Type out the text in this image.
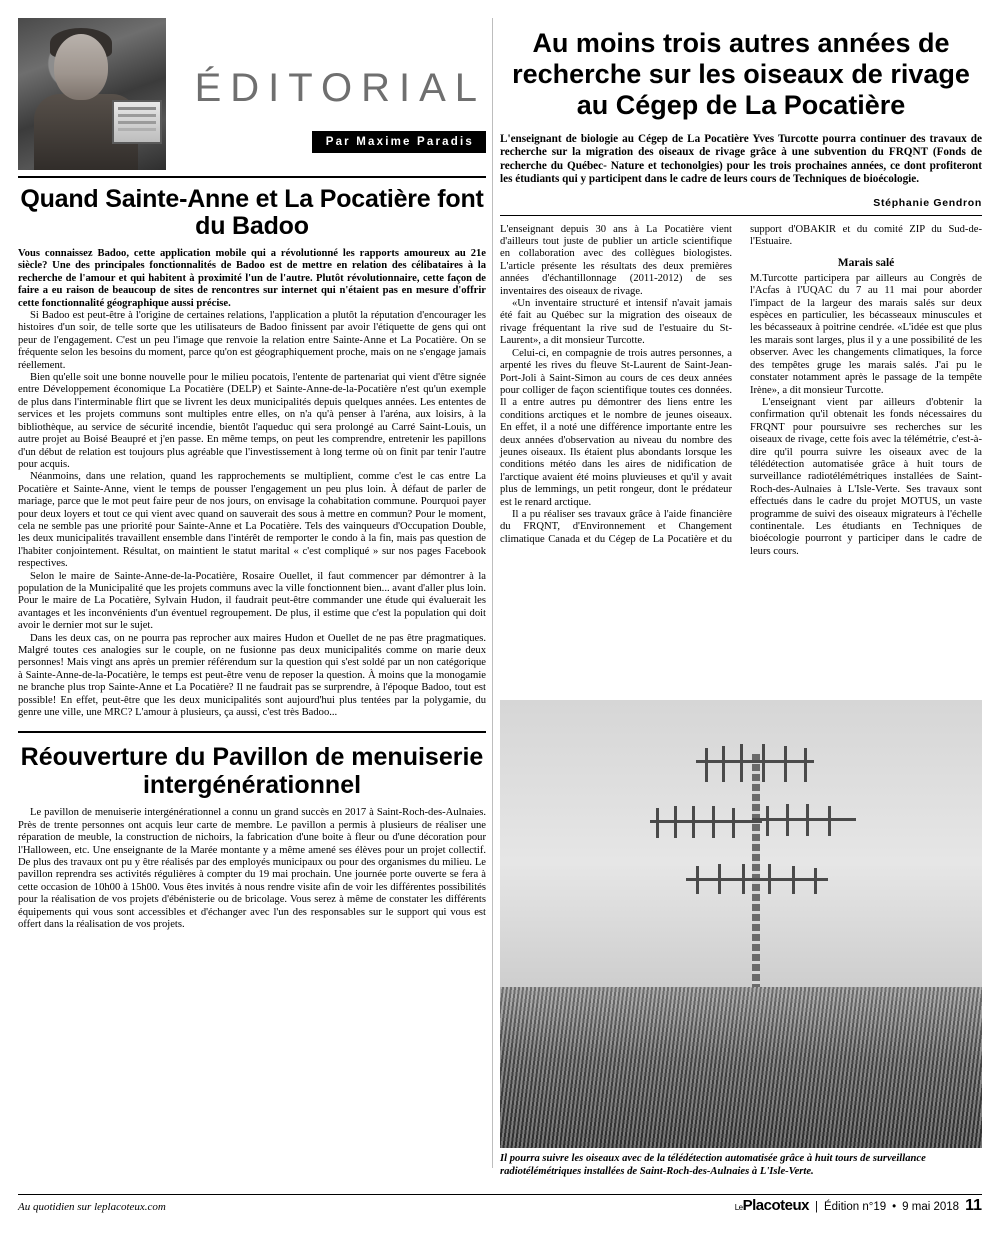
ÉDITORIAL
Par Maxime Paradis
Quand Sainte-Anne et La Pocatière font du Badoo

Vous connaissez Badoo, cette application mobile qui a révolutionné les rapports amoureux au 21e siècle? Une des principales fonctionnalités de Badoo est de mettre en relation des célibataires à la recherche de l'amour et qui habitent à proximité l'un de l'autre. Plutôt révolutionnaire, cette façon de faire a eu raison de beaucoup de sites de rencontres sur internet qui n'étaient pas en mesure d'offrir cette fonctionnalité géographique aussi précise.

Si Badoo est peut-être à l'origine de certaines relations, l'application a plutôt la réputation d'encourager les histoires d'un soir, de telle sorte que les utilisateurs de Badoo finissent par avoir l'étiquette de gens qui ont peur de l'engagement. C'est un peu l'image que renvoie la relation entre Sainte-Anne et La Pocatière. On se fréquente selon les besoins du moment, parce qu'on est géographiquement proche, mais on ne s'engage jamais réellement.

Bien qu'elle soit une bonne nouvelle pour le milieu pocatois, l'entente de partenariat qui vient d'être signée entre Développement économique La Pocatière (DELP) et Sainte-Anne-de-la-Pocatière n'est qu'un exemple de plus dans l'interminable flirt que se livrent les deux municipalités depuis quelques années. Les ententes de services et les projets communs sont multiples entre elles, on n'a qu'à penser à l'aréna, aux loisirs, à la bibliothèque, au service de sécurité incendie, bientôt l'aqueduc qui sera prolongé au Carré Saint-Louis, un autre projet au Boisé Beaupré et j'en passe. En même temps, on peut les comprendre, entretenir les papillons d'un début de relation est toujours plus agréable que l'investissement à long terme où on finit par tenir l'autre pour acquis.

Néanmoins, dans une relation, quand les rapprochements se multiplient, comme c'est le cas entre La Pocatière et Sainte-Anne, vient le temps de pousser l'engagement un peu plus loin. À défaut de parler de mariage, parce que le mot peut faire peur de nos jours, on envisage la cohabitation commune. Pourquoi payer pour deux loyers et tout ce qui vient avec quand on sauverait des sous à mettre en commun? Pour le moment, cela ne semble pas une priorité pour Sainte-Anne et La Pocatière. Tels des vainqueurs d'Occupation Double, les deux municipalités travaillent ensemble dans l'intérêt de remporter le condo à la fin, mais pas question de l'habiter conjointement. Résultat, on maintient le statut marital « c'est compliqué » sur nos pages Facebook respectives.

Selon le maire de Sainte-Anne-de-la-Pocatière, Rosaire Ouellet, il faut commencer par démontrer à la population de la Municipalité que les projets communs avec la ville fonctionnent bien... avant d'aller plus loin. Pour le maire de La Pocatière, Sylvain Hudon, il faudrait peut-être commander une étude qui évaluerait les avantages et les inconvénients d'un éventuel regroupement. De plus, il estime que c'est la population qui doit avoir le dernier mot sur le sujet.

Dans les deux cas, on ne pourra pas reprocher aux maires Hudon et Ouellet de ne pas être pragmatiques. Malgré toutes ces analogies sur le couple, on ne fusionne pas deux municipalités comme on marie deux personnes! Mais vingt ans après un premier référendum sur la question qui s'est soldé par un non catégorique à Sainte-Anne-de-la-Pocatière, le temps est peut-être venu de reposer la question. À moins que la monogamie ne branche plus trop Sainte-Anne et La Pocatière? Il ne faudrait pas se surprendre, à l'époque Badoo, tout est possible! En effet, peut-être que les deux municipalités sont aujourd'hui plus tentées par la polygamie, du genre une ville, une MRC? L'amour à plusieurs, ça aussi, c'est très Badoo...

Réouverture du Pavillon de menuiserie intergénérationnel

Le pavillon de menuiserie intergénérationnel a connu un grand succès en 2017 à Saint-Roch-des-Aulnaies. Près de trente personnes ont acquis leur carte de membre. Le pavillon a permis à plusieurs de réaliser une réparation de meuble, la construction de nichoirs, la fabrication d'une boite à fleur ou d'une décoration pour l'Halloween, etc. Une enseignante de la Marée montante y a même amené ses élèves pour un projet collectif. De plus des travaux ont pu y être réalisés par des employés municipaux ou pour des organismes du milieu. Le pavillon reprendra ses activités régulières à compter du 19 mai prochain. Une journée porte ouverte se fera à cette occasion de 10h00 à 15h00. Vous êtes invités à nous rendre visite afin de voir les différentes possibilités pour la réalisation de vos projets d'ébénisterie ou de bricolage. Vous serez à même de constater les différents équipements qui vous sont accessibles et d'échanger avec l'un des responsables sur le support qui vous est offert dans la réalisation de vos projets.

Au moins trois autres années de recherche sur les oiseaux de rivage au Cégep de La Pocatière
L'enseignant de biologie au Cégep de La Pocatière Yves Turcotte pourra continuer des travaux de recherche sur la migration des oiseaux de rivage grâce à une subvention du FRQNT (Fonds de recherche du Québec- Nature et techonolgies) pour les trois prochaines années, ce dont profiteront les étudiants qui y participent dans le cadre de leurs cours de Techniques de bioécologie.
Stéphanie Gendron

L'enseignant depuis 30 ans à La Pocatière vient d'ailleurs tout juste de publier un article scientifique en collaboration avec des collègues biologistes. L'article présente les résultats des deux premières années d'échantillonnage (2011-2012) de ses inventaires des oiseaux de rivage.

«Un inventaire structuré et intensif n'avait jamais été fait au Québec sur la migration des oiseaux de rivage fréquentant la rive sud de l'estuaire du St-Laurent», a dit monsieur Turcotte.

Celui-ci, en compagnie de trois autres personnes, a arpenté les rives du fleuve St-Laurent de Saint-Jean-Port-Joli à Saint-Simon au cours de ces deux années pour colliger de façon scientifique toutes ces données. Il a entre autres pu démontrer des liens entre les conditions arctiques et le nombre de jeunes oiseaux. En effet, il a noté une différence importante entre les deux années d'observation au niveau du nombre des jeunes oiseaux. Ils étaient plus abondants lorsque les conditions météo dans les aires de nidification de l'arctique avaient été moins pluvieuses et qu'il y avait plus de lemmings, un petit rongeur, dont le prédateur est le renard arctique.

Il a pu réaliser ses travaux grâce à l'aide financière du FRQNT, d'Environnement et Changement climatique Canada et du Cégep de La Pocatière et du support d'OBAKIR et du comité ZIP du Sud-de-l'Estuaire.

Marais salé

M.Turcotte participera par ailleurs au Congrès de l'Acfas à l'UQAC du 7 au 11 mai pour aborder l'impact de la largeur des marais salés sur deux espèces en particulier, les bécasseaux minuscules et les bécasseaux à poitrine cendrée. «L'idée est que plus les marais sont larges, plus il y a une possibilité de les observer. Avec les changements climatiques, la force des tempêtes gruge les marais salés. J'ai pu le constater notamment après le passage de la tempête Irène», a dit monsieur Turcotte.

L'enseignant vient par ailleurs d'obtenir la confirmation qu'il obtenait les fonds nécessaires du FRQNT pour poursuivre ses recherches sur les oiseaux de rivage, cette fois avec la télémétrie, c'est-à-dire qu'il pourra suivre les oiseaux avec de la télédétection automatisée grâce à huit tours de surveillance radiotélémétriques installées de Saint-Roch-des-Aulnaies à L'Isle-Verte. Ses travaux sont effectués dans le cadre du projet MOTUS, un vaste programme de suivi des oiseaux migrateurs à l'échelle continentale. Les étudiants en Techniques de bioécologie pourront y participer dans le cadre de leurs cours.

Il pourra suivre les oiseaux avec de la télédétection automatisée grâce à huit tours de surveillance radiotélémétriques installées de Saint-Roch-des-Aulnaies à L'Isle-Verte.
Au quotidien sur leplacoteux.com	LePlacoteux | Édition n°19 • 9 mai 2018 11
